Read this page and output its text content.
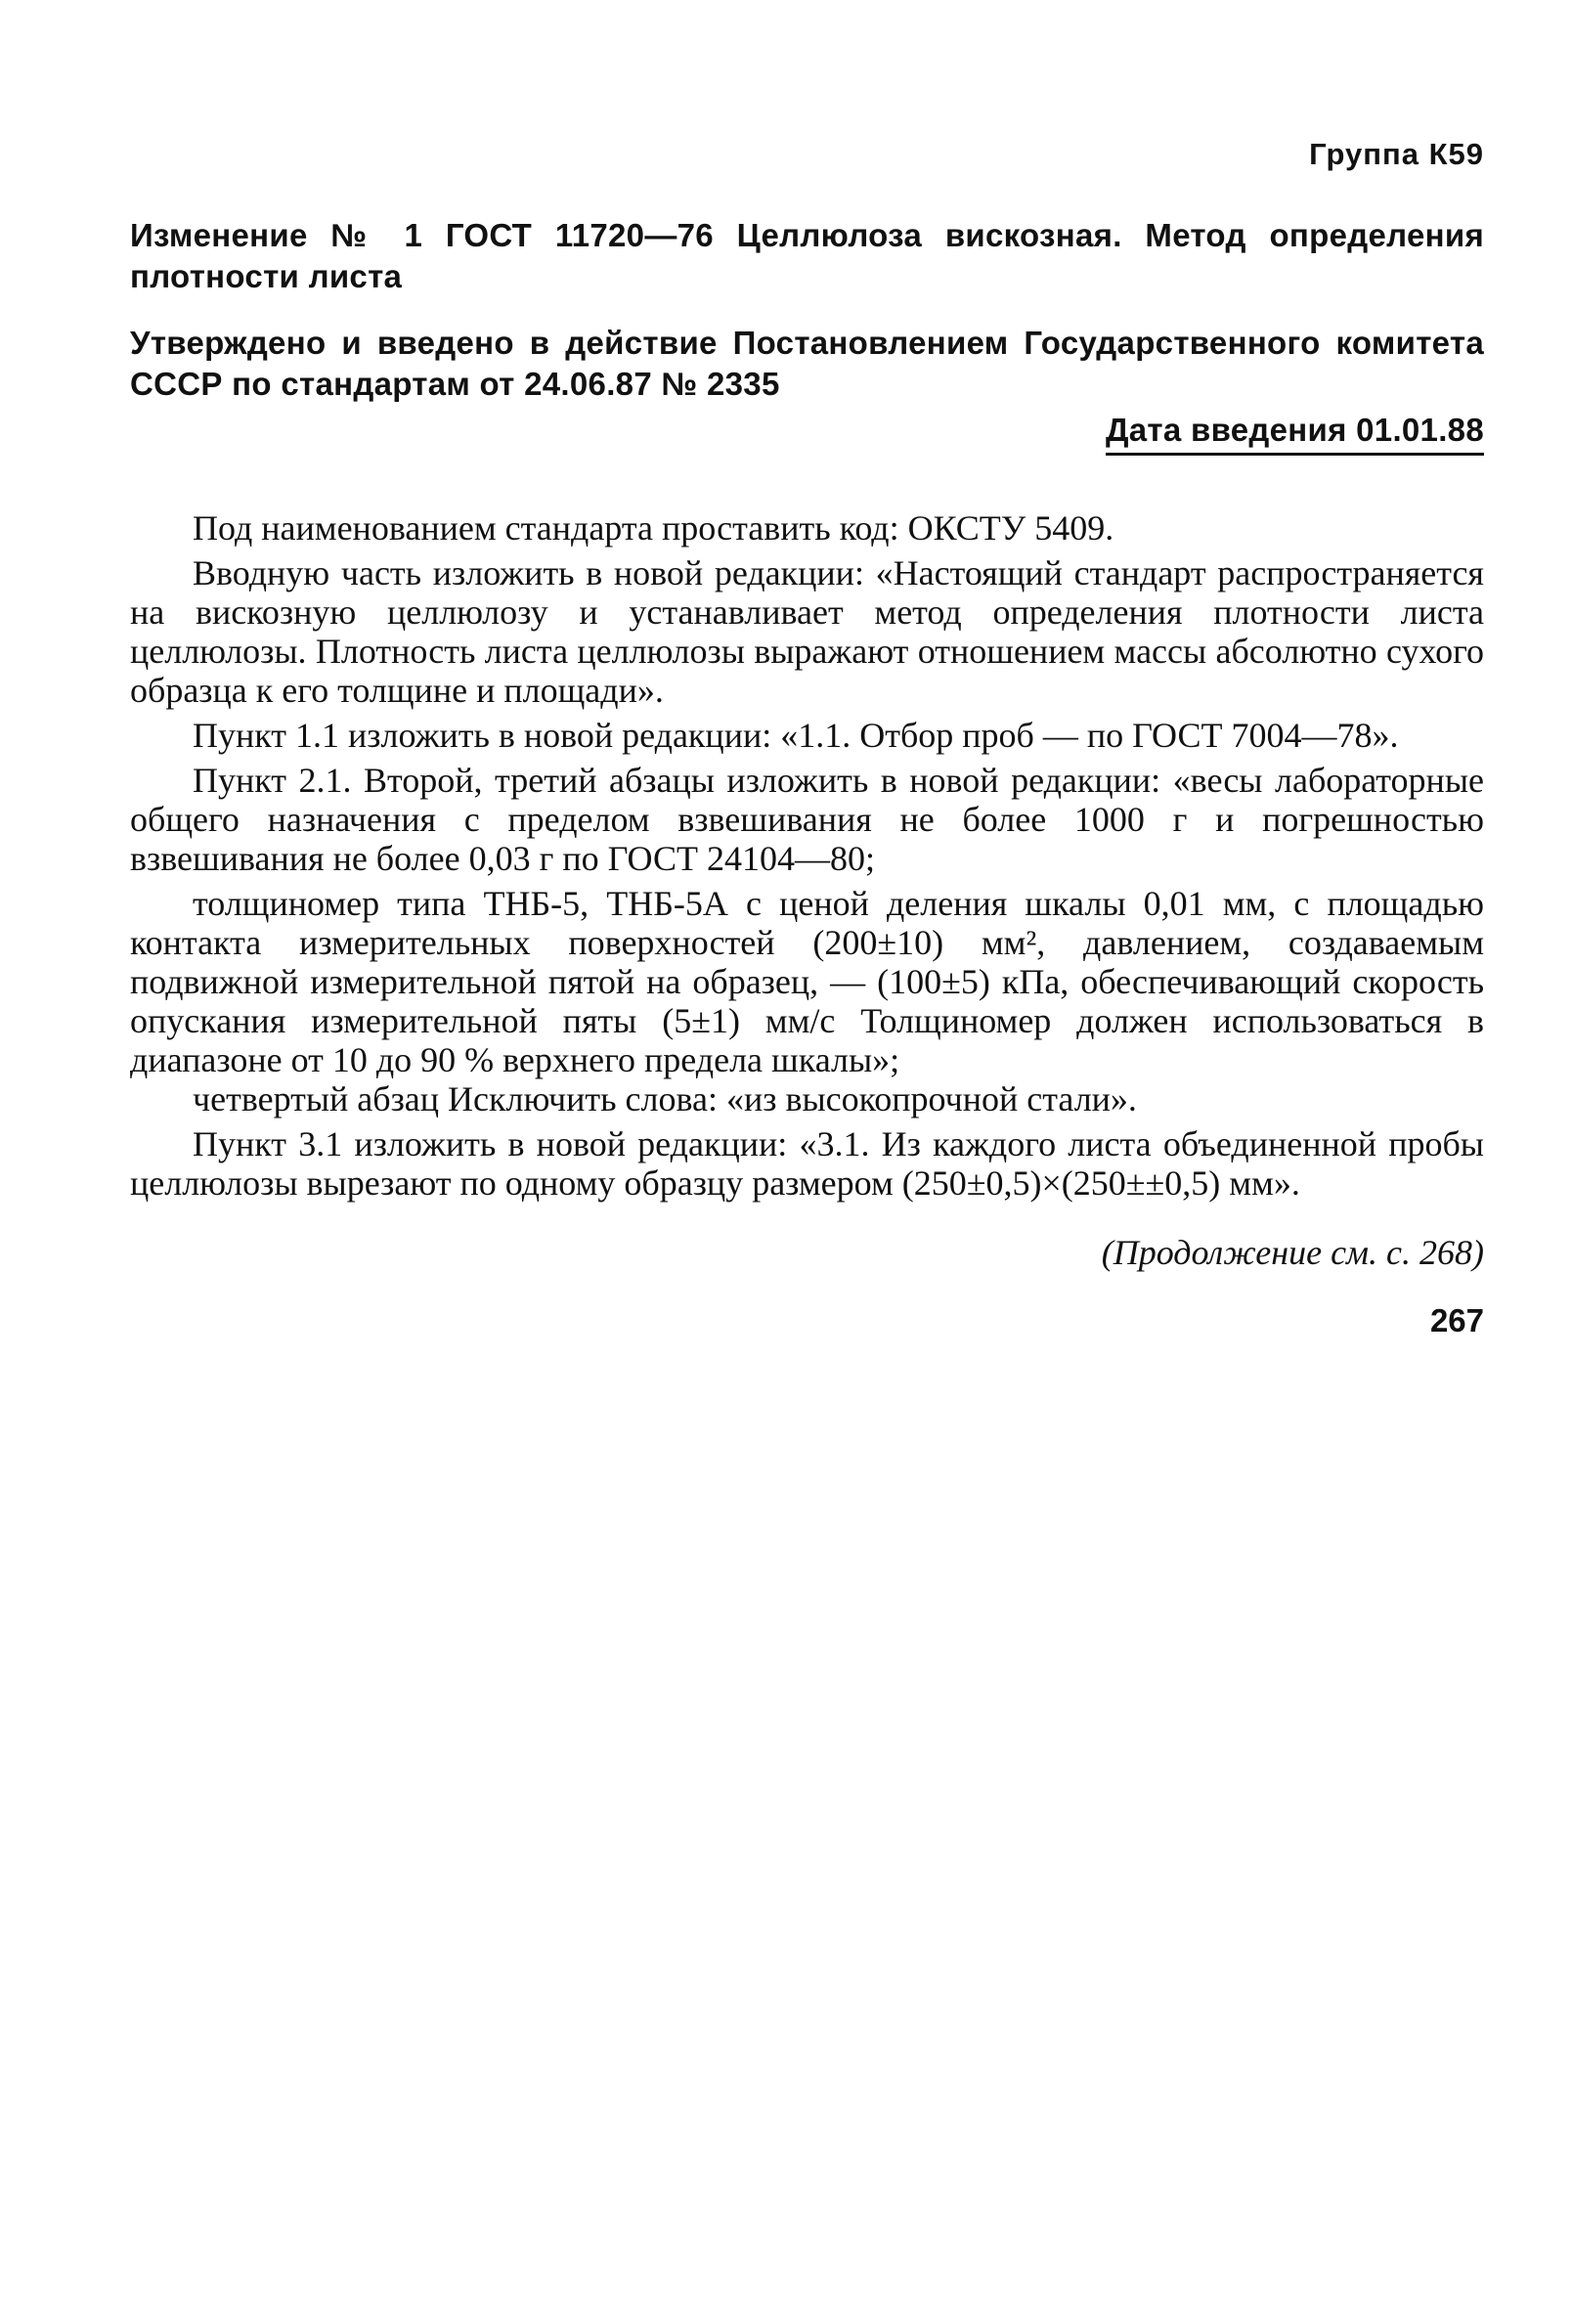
Группа К59
Изменение № 1 ГОСТ 11720—76 Целлюлоза вискозная. Метод определения плотности листа
Утверждено и введено в действие Постановлением Государственного комитета СССР по стандартам от 24.06.87 № 2335
Дата введения 01.01.88

Под наименованием стандарта проставить код: ОКСТУ 5409.

Вводную часть изложить в новой редакции: «Настоящий стандарт распространяется на вискозную целлюлозу и устанавливает метод определения плотности листа целлюлозы. Плотность листа целлюлозы выражают отношением массы абсолютно сухого образца к его толщине и площади».

Пункт 1.1 изложить в новой редакции: «1.1. Отбор проб — по ГОСТ 7004—78».

Пункт 2.1. Второй, третий абзацы изложить в новой редакции: «весы лабораторные общего назначения с пределом взвешивания не более 1000 г и погрешностью взвешивания не более 0,03 г по ГОСТ 24104—80;

толщиномер типа ТНБ-5, ТНБ-5А с ценой деления шкалы 0,01 мм, с площадью контакта измерительных поверхностей (200±10) мм², давлением, создаваемым подвижной измерительной пятой на образец, — (100±5) кПа, обеспечивающий скорость опускания измерительной пяты (5±1) мм/с Толщиномер должен использоваться в диапазоне от 10 до 90 % верхнего предела шкалы»;

четвертый абзац Исключить слова: «из высокопрочной стали».

Пункт 3.1 изложить в новой редакции: «3.1. Из каждого листа объединенной пробы целлюлозы вырезают по одному образцу размером (250±0,5)×(250±±0,5) мм».

(Продолжение см. с. 268)
267
